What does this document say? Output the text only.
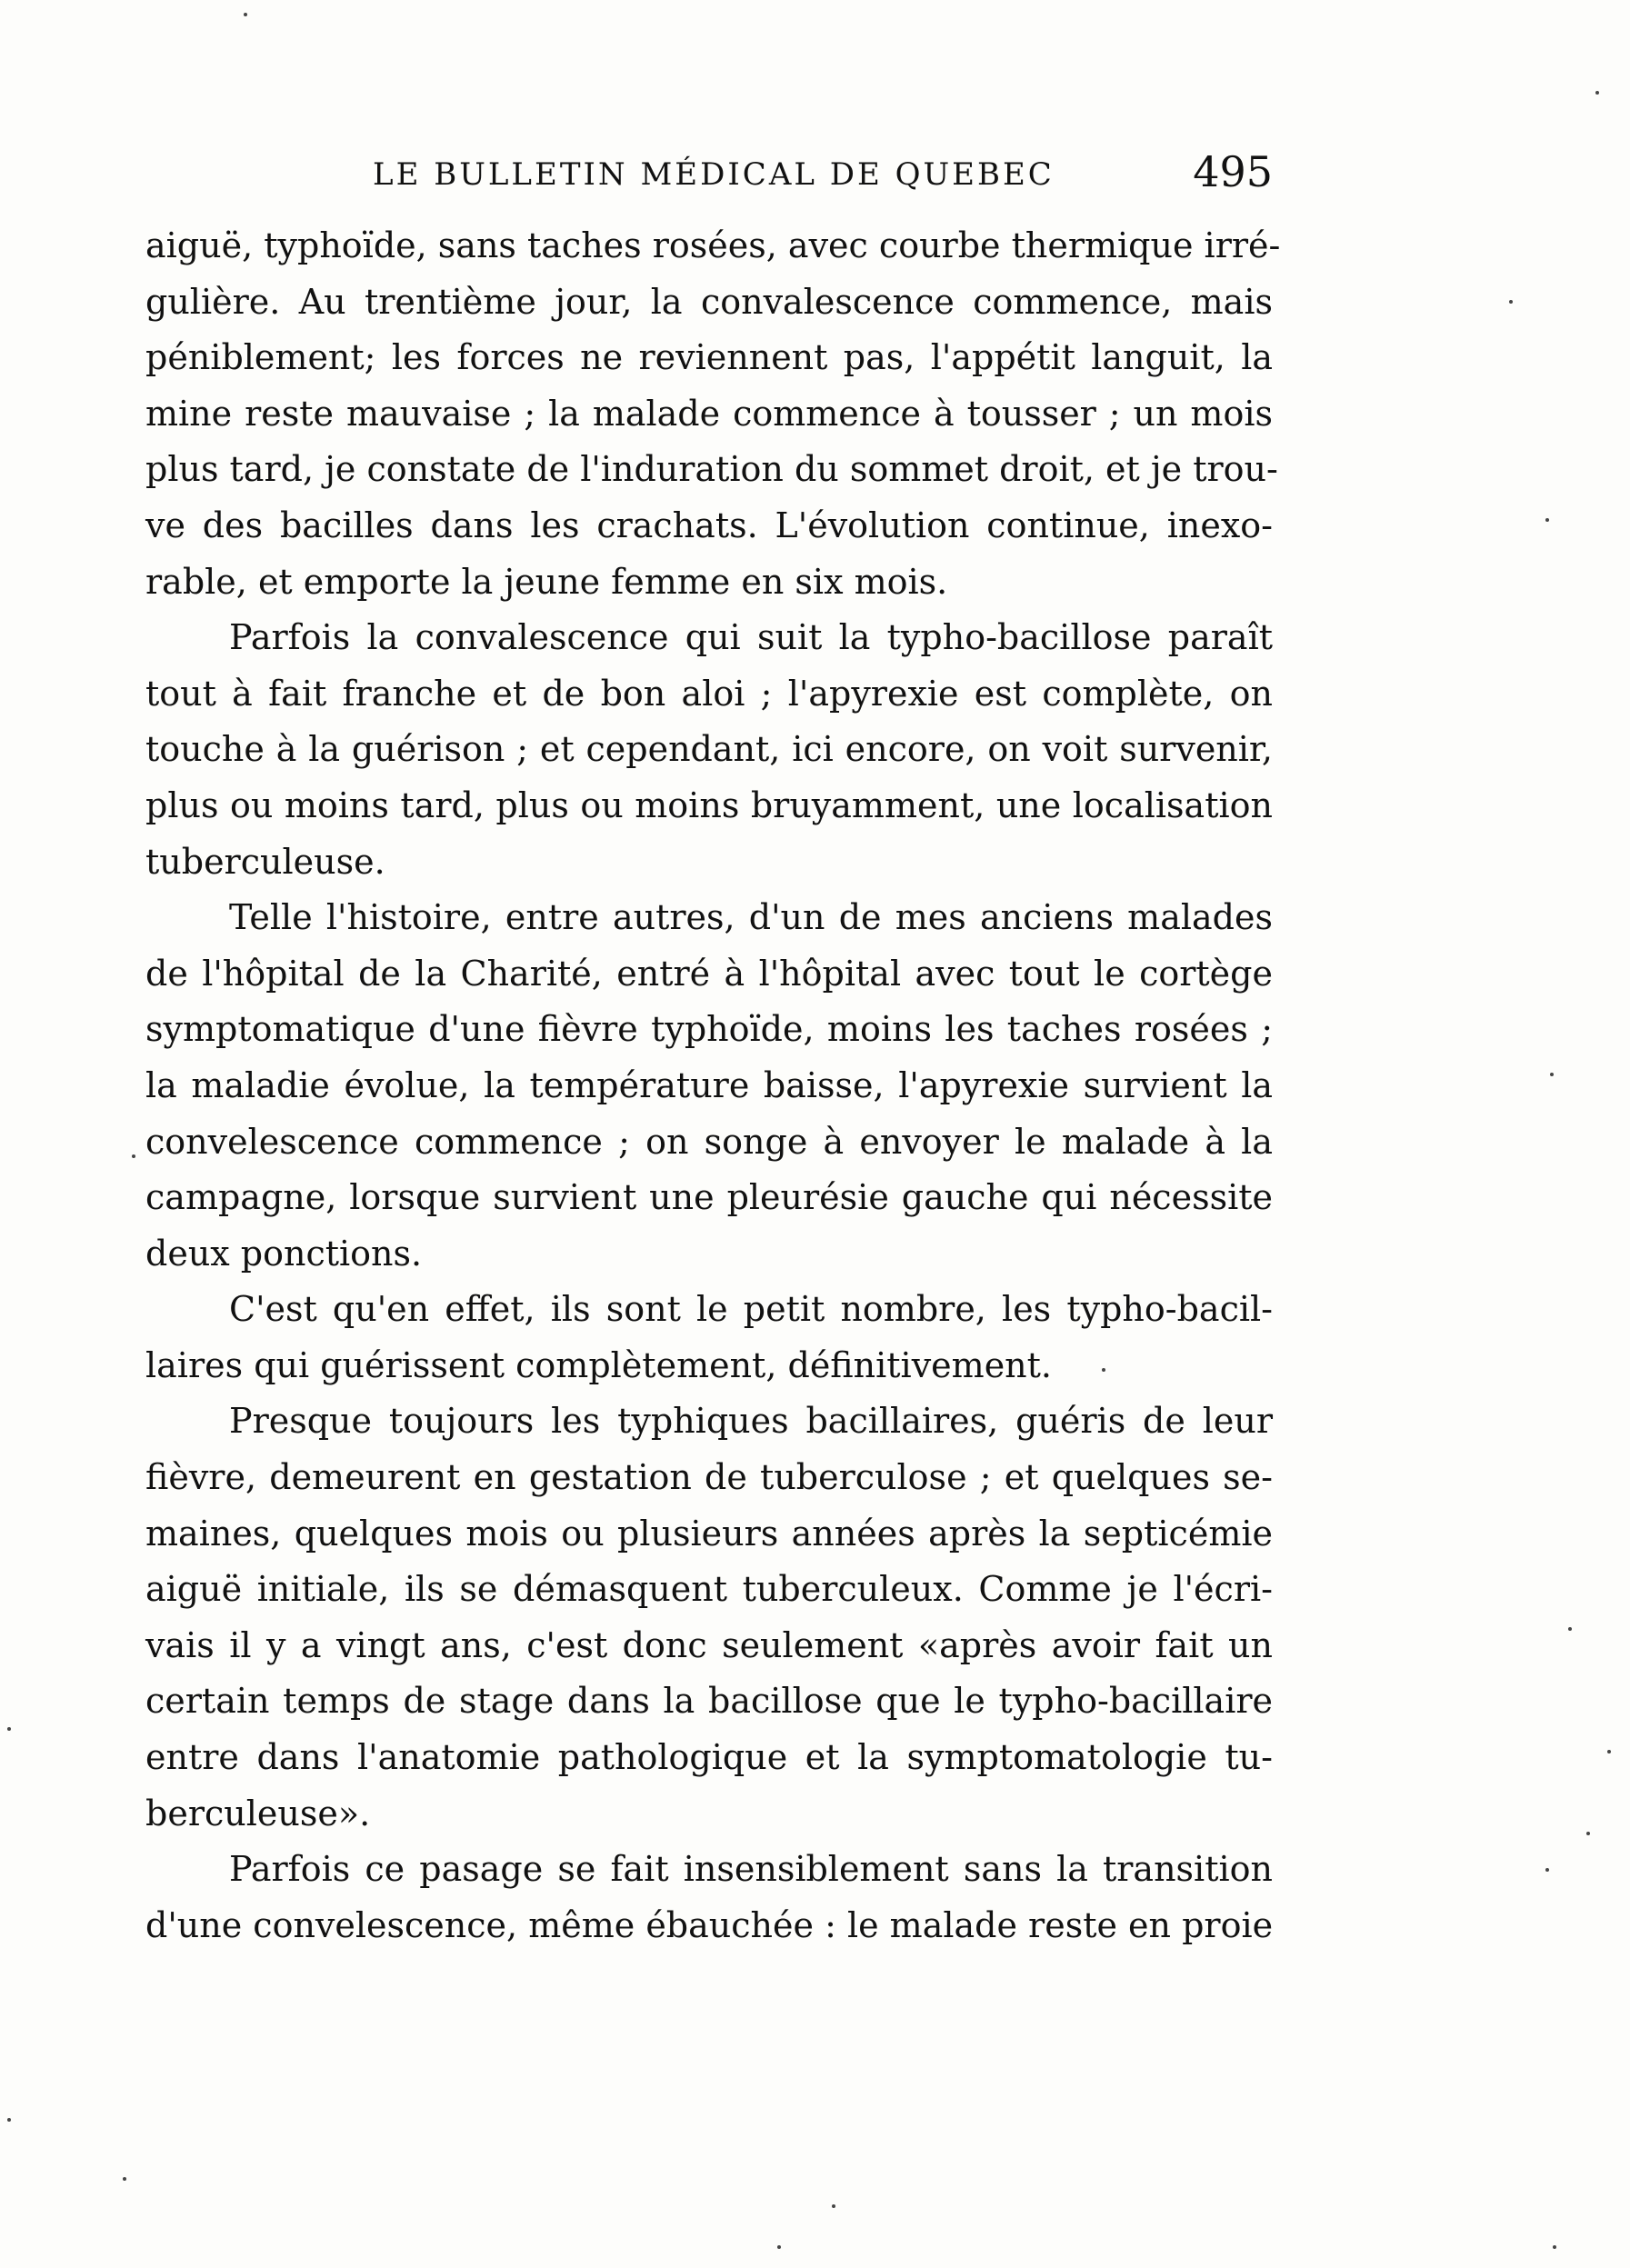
LE BULLETIN MÉDICAL DE QUEBEC	495
aiguë, typhoïde, sans taches rosées, avec courbe thermique irré-
gulière. Au trentième jour, la convalescence commence, mais
péniblement; les forces ne reviennent pas, l'appétit languit, la
mine reste mauvaise ; la malade commence à tousser ; un mois
plus tard, je constate de l'induration du sommet droit, et je trou-
ve des bacilles dans les crachats. L'évolution continue, inexo-
rable, et emporte la jeune femme en six mois.
Parfois la convalescence qui suit la typho-bacillose paraît
tout à fait franche et de bon aloi ; l'apyrexie est complète, on
touche à la guérison ; et cependant, ici encore, on voit survenir,
plus ou moins tard, plus ou moins bruyamment, une localisation
tuberculeuse.
Telle l'histoire, entre autres, d'un de mes anciens malades
de l'hôpital de la Charité, entré à l'hôpital avec tout le cortège
symptomatique d'une fièvre typhoïde, moins les taches rosées ;
la maladie évolue, la température baisse, l'apyrexie survient la
convelescence commence ; on songe à envoyer le malade à la
campagne, lorsque survient une pleurésie gauche qui nécessite
deux ponctions.
C'est qu'en effet, ils sont le petit nombre, les typho-bacil-
laires qui guérissent complètement, définitivement.
Presque toujours les typhiques bacillaires, guéris de leur
fièvre, demeurent en gestation de tuberculose ; et quelques se-
maines, quelques mois ou plusieurs années après la septicémie
aiguë initiale, ils se démasquent tuberculeux. Comme je l'écri-
vais il y a vingt ans, c'est donc seulement «après avoir fait un
certain temps de stage dans la bacillose que le typho-bacillaire
entre dans l'anatomie pathologique et la symptomatologie tu-
berculeuse».
Parfois ce pasage se fait insensiblement sans la transition
d'une convelescence, même ébauchée : le malade reste en proie
